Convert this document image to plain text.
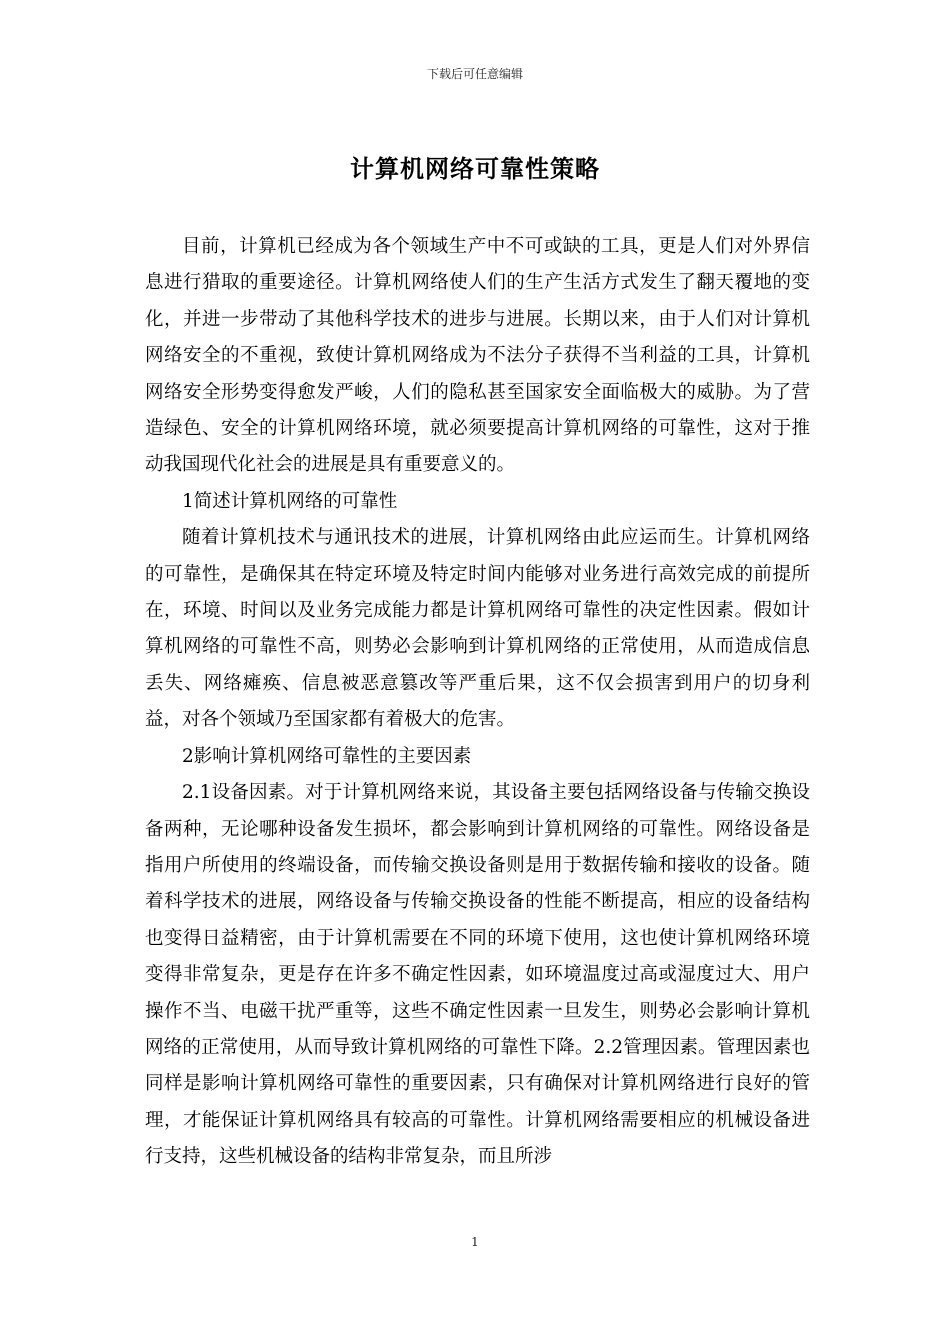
下载后可任意编辑
计算机网络可靠性策略

目前，计算机已经成为各个领域生产中不可或缺的工具，更是人们对外界信息进行猎取的重要途径。计算机网络使人们的生产生活方式发生了翻天覆地的变化，并进一步带动了其他科学技术的进步与进展。长期以来，由于人们对计算机网络安全的不重视，致使计算机网络成为不法分子获得不当利益的工具，计算机网络安全形势变得愈发严峻，人们的隐私甚至国家安全面临极大的威胁。为了营造绿色、安全的计算机网络环境，就必须要提高计算机网络的可靠性，这对于推动我国现代化社会的进展是具有重要意义的。

1简述计算机网络的可靠性

随着计算机技术与通讯技术的进展，计算机网络由此应运而生。计算机网络的可靠性，是确保其在特定环境及特定时间内能够对业务进行高效完成的前提所在，环境、时间以及业务完成能力都是计算机网络可靠性的决定性因素。假如计算机网络的可靠性不高，则势必会影响到计算机网络的正常使用，从而造成信息丢失、网络瘫痪、信息被恶意篡改等严重后果，这不仅会损害到用户的切身利益，对各个领域乃至国家都有着极大的危害。

2影响计算机网络可靠性的主要因素

2.1设备因素。对于计算机网络来说，其设备主要包括网络设备与传输交换设备两种，无论哪种设备发生损坏，都会影响到计算机网络的可靠性。网络设备是指用户所使用的终端设备，而传输交换设备则是用于数据传输和接收的设备。随着科学技术的进展，网络设备与传输交换设备的性能不断提高，相应的设备结构也变得日益精密，由于计算机需要在不同的环境下使用，这也使计算机网络环境变得非常复杂，更是存在许多不确定性因素，如环境温度过高或湿度过大、用户操作不当、电磁干扰严重等，这些不确定性因素一旦发生，则势必会影响计算机网络的正常使用，从而导致计算机网络的可靠性下降。2.2管理因素。管理因素也同样是影响计算机网络可靠性的重要因素，只有确保对计算机网络进行良好的管理，才能保证计算机网络具有较高的可靠性。计算机网络需要相应的机械设备进行支持，这些机械设备的结构非常复杂，而且所涉

1
